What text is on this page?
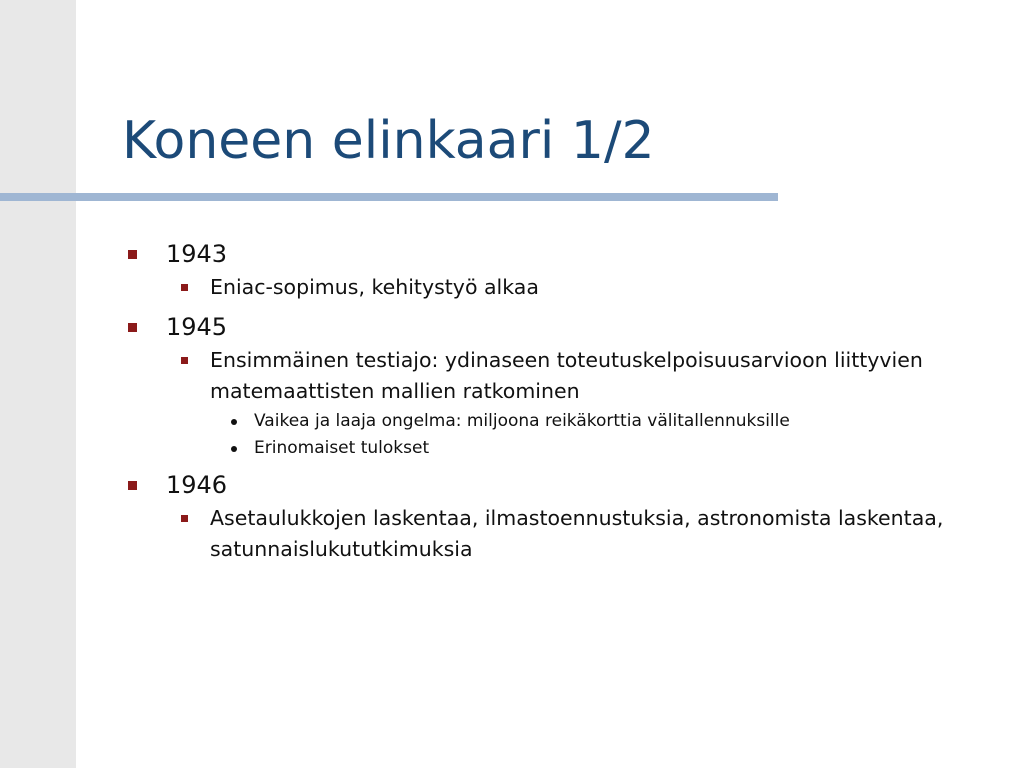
Koneen elinkaari 1/2
1943
Eniac-sopimus, kehitystyö alkaa
1945
Ensimmäinen testiajo: ydinaseen toteutuskelpoisuusarvioon liittyvien matemaattisten mallien ratkominen
Vaikea ja laaja ongelma: miljoona reikäkorttia välitallennuksille
Erinomaiset tulokset
1946
Asetaulukkojen laskentaa, ilmastoennustuksia, astronomista laskentaa, satunnaislukututkimuksia
